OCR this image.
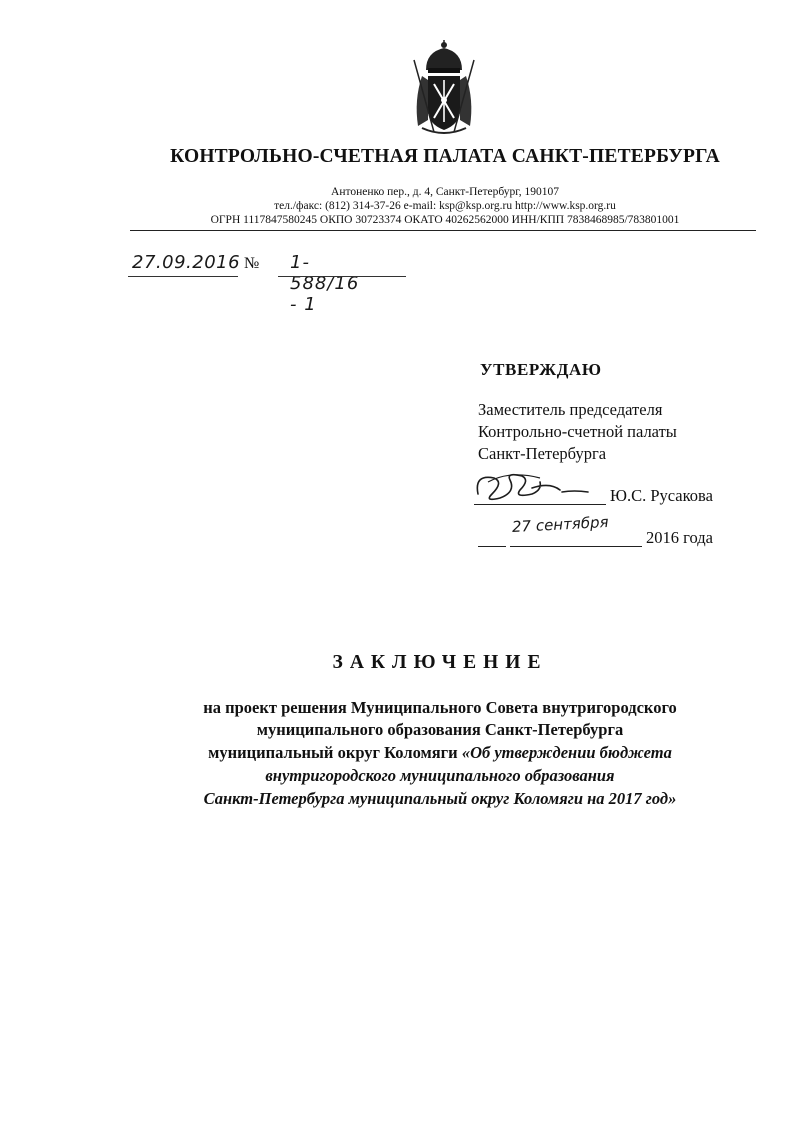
КОНТРОЛЬНО-СЧЕТНАЯ ПАЛАТА САНКТ-ПЕТЕРБУРГА
Антоненко пер., д. 4, Санкт-Петербург, 190107
тел./факс: (812) 314-37-26 e-mail: ksp@ksp.org.ru http://www.ksp.org.ru
ОГРН 1117847580245 ОКПО 30723374 ОКАТО 40262562000 ИНН/КПП 7838468985/783801001
27.09.2016 № 1-588/16 - 1
УТВЕРЖДАЮ
Заместитель председателя
Контрольно-счетной палаты
Санкт-Петербурга
Ю.С. Русакова
27 сентября
2016 года
ЗАКЛЮЧЕНИЕ
на проект решения Муниципального Совета внутригородского
муниципального образования Санкт-Петербурга
муниципальный округ Коломяги «Об утверждении бюджета
внутригородского муниципального образования
Санкт-Петербурга муниципальный округ Коломяги на 2017 год»
